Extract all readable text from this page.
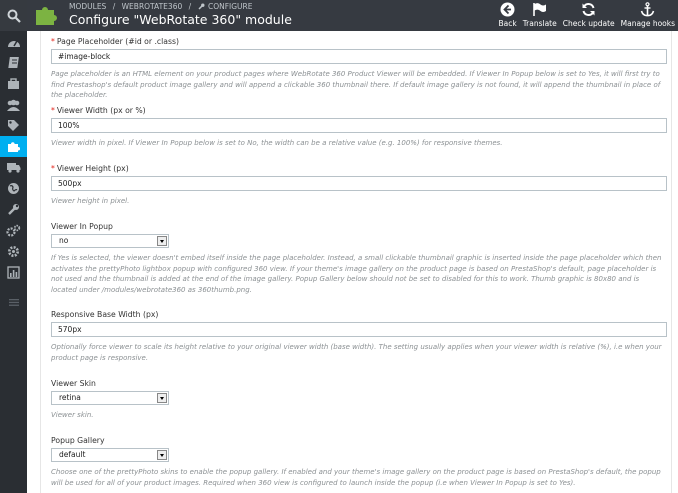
MODULES / WEBROTATE360 / CONFIGURE
Configure "WebRotate 360" module	Back Translate Check update Manage hooks
* Page Placeholder (#id or .class)
#image-block
Page placeholder is an HTML element on your product pages where WebRotate 360 Product Viewer will be embedded. If Viewer In Popup below is set to Yes, it will first try to find Prestashop's default product image gallery and will append a clickable 360 thumbnail there. If default image gallery is not found, it will append the thumbnail in place of the placeholder.
* Viewer Width (px or %)
100%
Viewer width in pixel. If Viewer In Popup below is set to No, the width can be a relative value (e.g. 100%) for responsive themes.
* Viewer Height (px)
500px
Viewer height in pixel.
Viewer In Popup
no
If Yes is selected, the viewer doesn't embed itself inside the page placeholder. Instead, a small clickable thumbnail graphic is inserted inside the page placeholder which then activates the prettyPhoto lightbox popup with configured 360 view. If your theme's image gallery on the product page is based on PrestaShop's default, page placeholder is not used and the thumbnail is added at the end of the image gallery. Popup Gallery below should not be set to disabled for this to work. Thumb graphic is 80x80 and is located under /modules/webrotate360 as 360thumb.png.
Responsive Base Width (px)
570px
Optionally force viewer to scale its height relative to your original viewer width (base width). The setting usually applies when your viewer width is relative (%), i.e when your product page is responsive.
Viewer Skin
retina
Viewer skin.
Popup Gallery
default
Choose one of the prettyPhoto skins to enable the popup gallery. If enabled and your theme's image gallery on the product page is based on PrestaShop's default, the popup will be used for all of your product images. Required when 360 view is configured to launch inside the popup (i.e when Viewer In Popup is set to Yes).
